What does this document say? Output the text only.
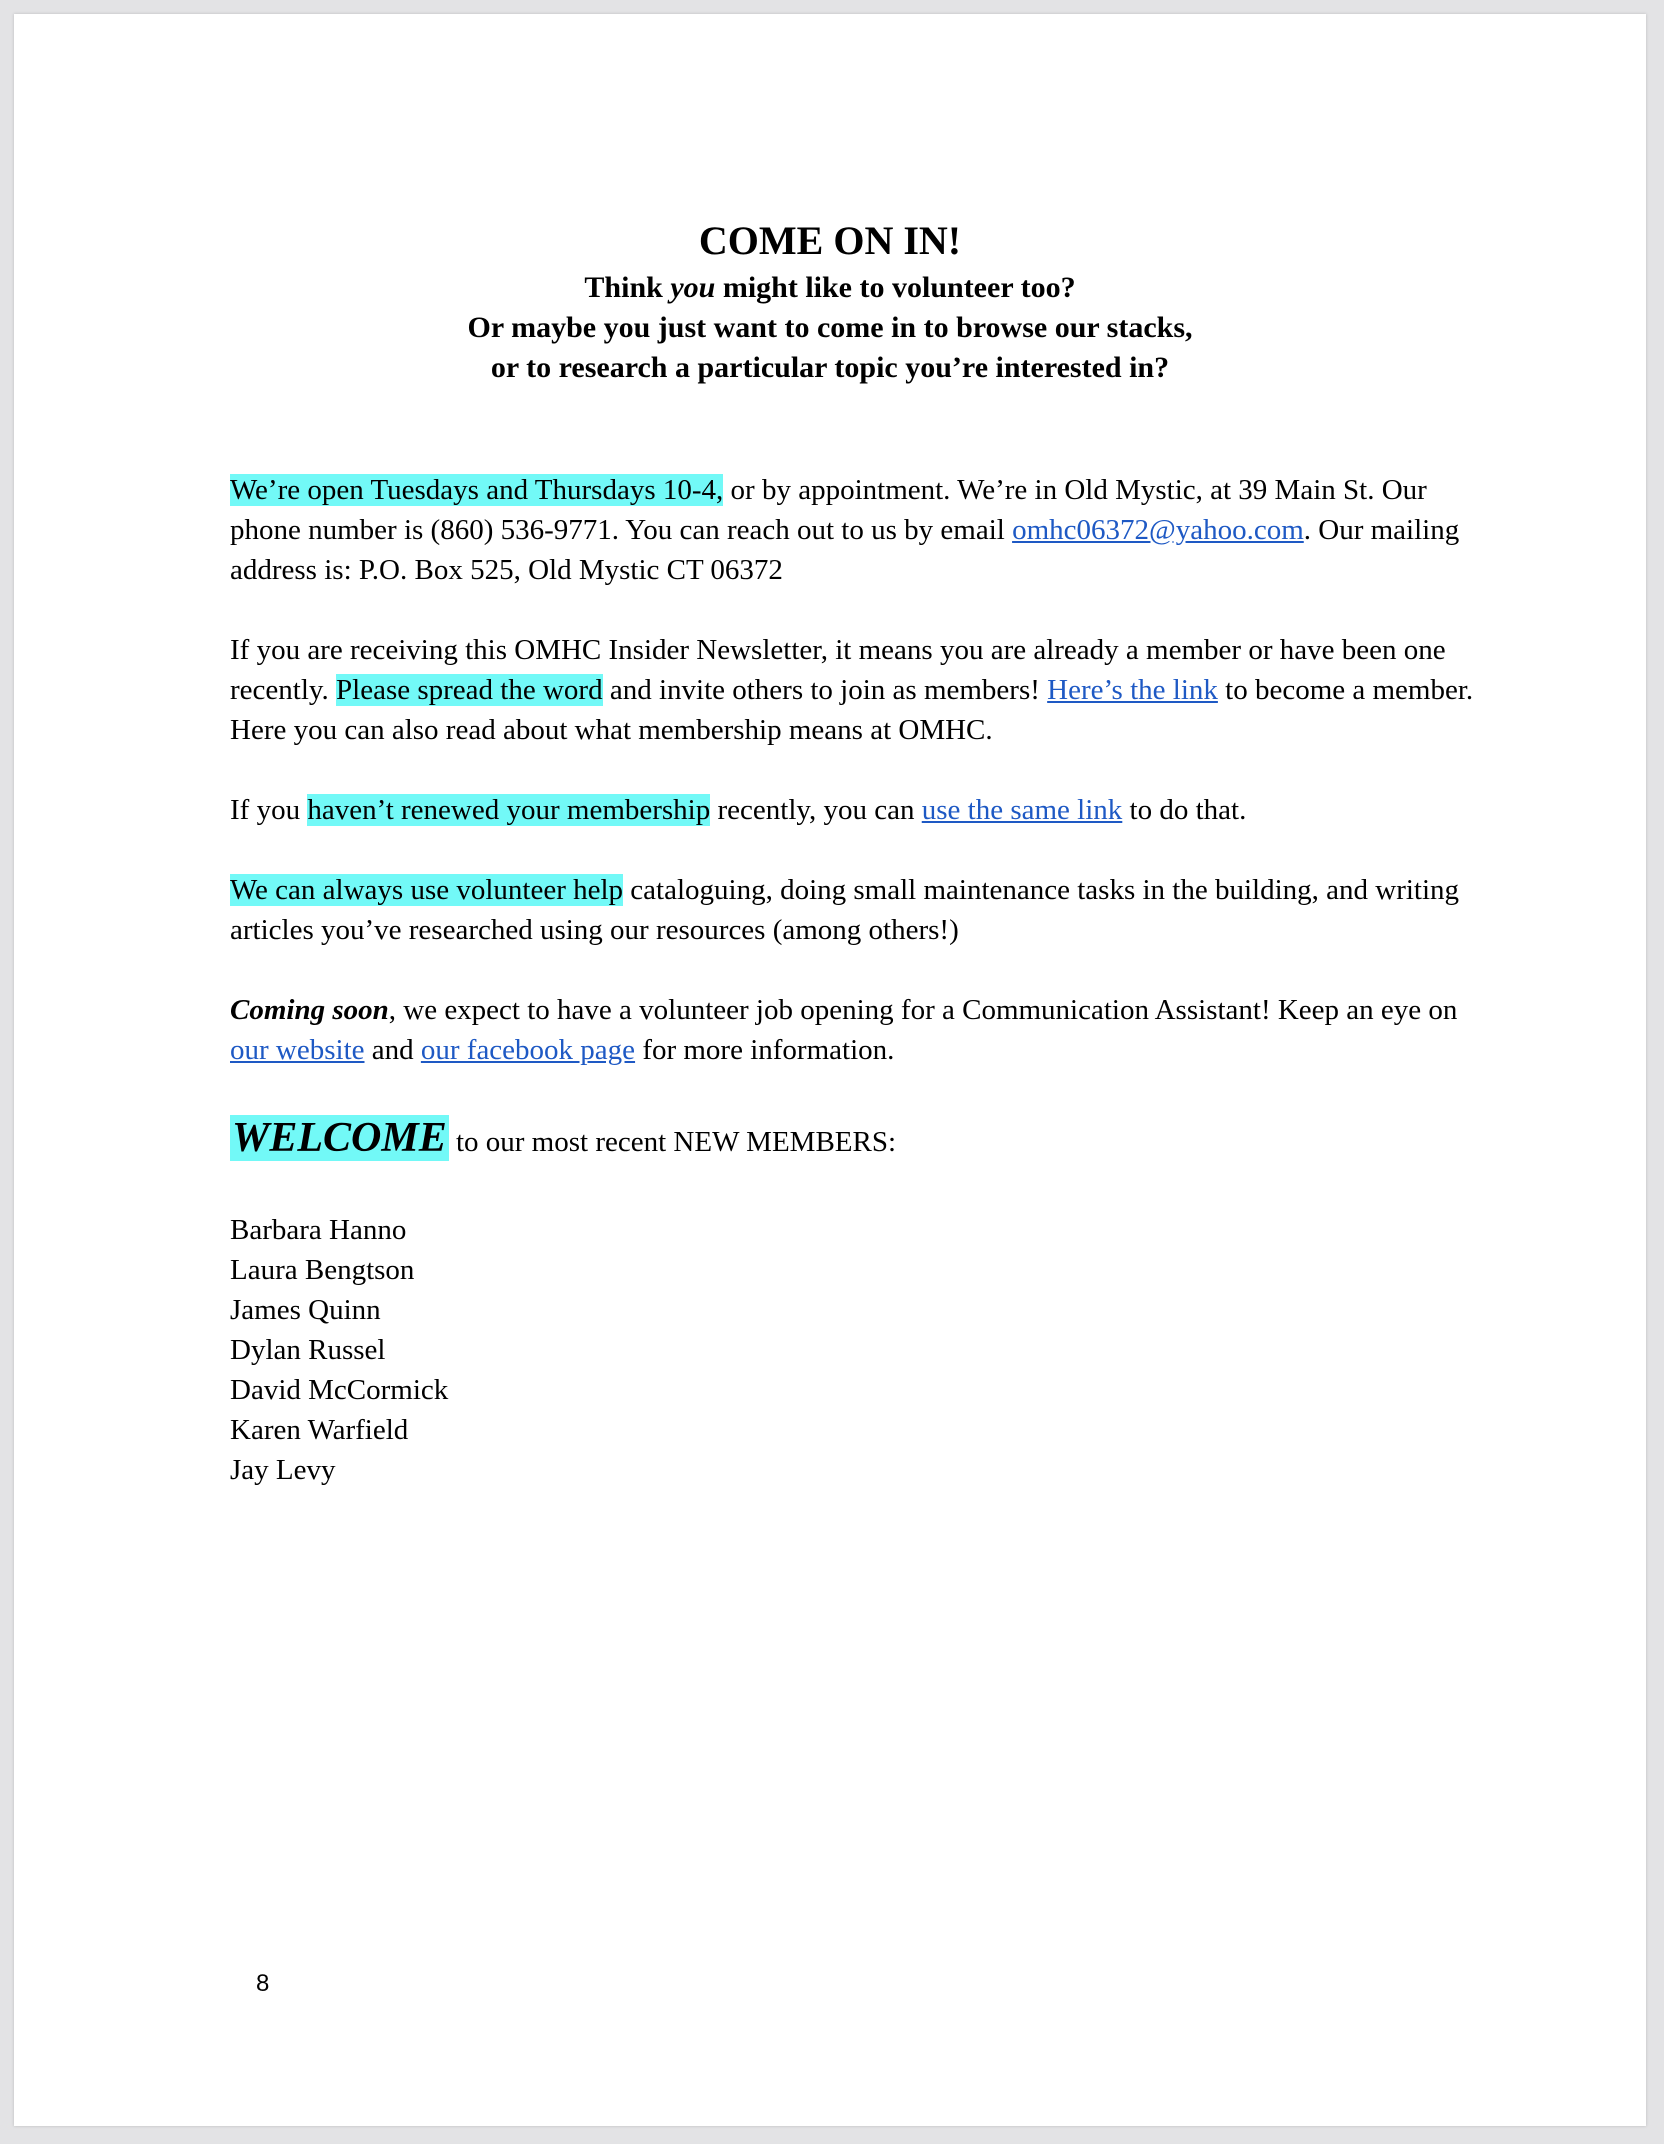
COME ON IN!

Think you might like to volunteer too?

Or maybe you just want to come in to browse our stacks,

or to research a particular topic you’re interested in?

We’re open Tuesdays and Thursdays 10-4, or by appointment. We’re in Old Mystic, at 39 Main St. Our phone number is (860) 536-9771. You can reach out to us by email omhc06372@yahoo.com. Our mailing address is: P.O. Box 525, Old Mystic CT 06372

If you are receiving this OMHC Insider Newsletter, it means you are already a member or have been one recently. Please spread the word and invite others to join as members! Here’s the link to become a member. Here you can also read about what membership means at OMHC.

If you haven’t renewed your membership recently, you can use the same link to do that.

We can always use volunteer help cataloguing, doing small maintenance tasks in the building, and writing articles you’ve researched using our resources (among others!)

Coming soon, we expect to have a volunteer job opening for a Communication Assistant! Keep an eye on our website and our facebook page for more information.

WELCOME to our most recent NEW MEMBERS:

Barbara Hanno
Laura Bengtson
James Quinn
Dylan Russel
David McCormick
Karen Warfield
Jay Levy
8
